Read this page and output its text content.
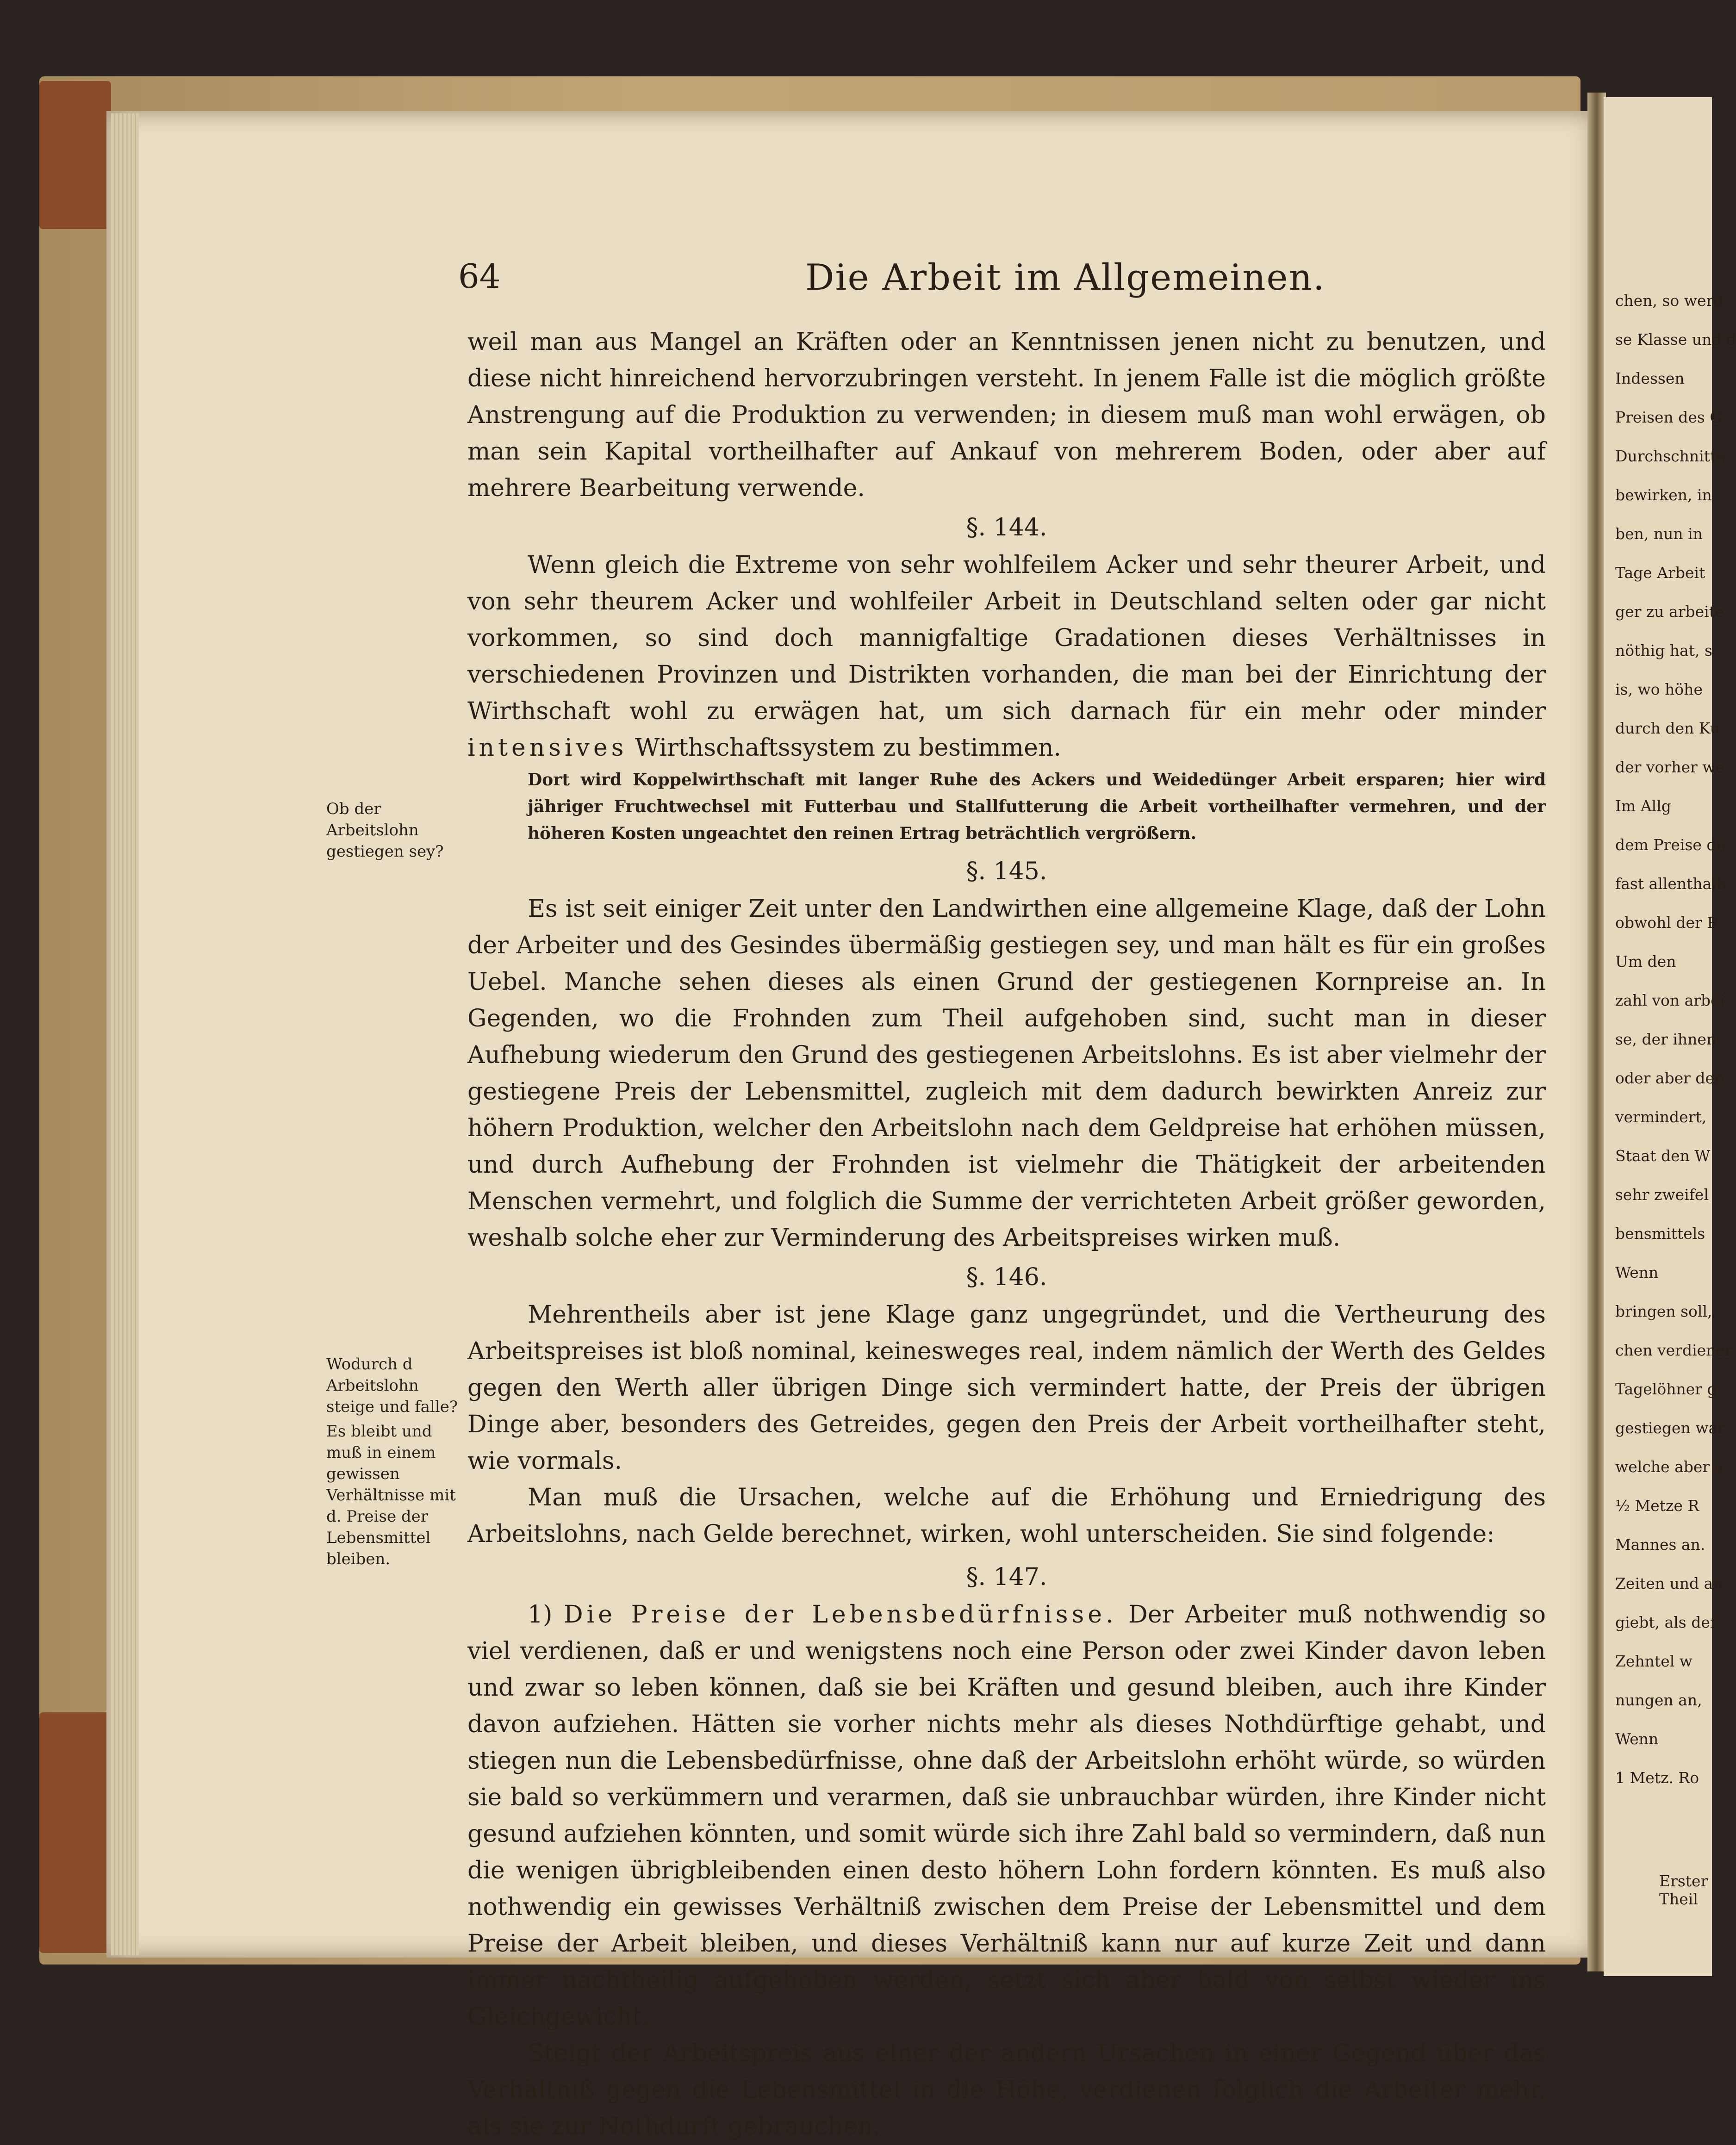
64	Die Arbeit im Allgemeinen.

weil man aus Mangel an Kräften oder an Kenntnissen jenen nicht zu benutzen, und diese nicht hinreichend hervorzubringen versteht. In jenem Falle ist die möglich größte Anstrengung auf die Produktion zu verwenden; in diesem muß man wohl erwägen, ob man sein Kapital vortheilhafter auf Ankauf von mehrerem Boden, oder aber auf mehrere Bearbeitung verwende.

§. 144.

Wenn gleich die Extreme von sehr wohlfeilem Acker und sehr theurer Arbeit, und von sehr theurem Acker und wohlfeiler Arbeit in Deutschland selten oder gar nicht vorkommen, so sind doch mannigfaltige Gradationen dieses Verhältnisses in verschiedenen Provinzen und Distrikten vorhanden, die man bei der Einrichtung der Wirthschaft wohl zu erwägen hat, um sich darnach für ein mehr oder minder intensives Wirthschaftssystem zu bestimmen.

Dort wird Koppelwirthschaft mit langer Ruhe des Ackers und Weidedünger Arbeit ersparen; hier wird jähriger Fruchtwechsel mit Futterbau und Stallfutterung die Arbeit vortheilhafter vermehren, und der höheren Kosten ungeachtet den reinen Ertrag beträchtlich vergrößern.

§. 145.

Es ist seit einiger Zeit unter den Landwirthen eine allgemeine Klage, daß der Lohn der Arbeiter und des Gesindes übermäßig gestiegen sey, und man hält es für ein großes Uebel. Manche sehen dieses als einen Grund der gestiegenen Kornpreise an. In Gegenden, wo die Frohnden zum Theil aufgehoben sind, sucht man in dieser Aufhebung wiederum den Grund des gestiegenen Arbeitslohns. Es ist aber vielmehr der gestiegene Preis der Lebensmittel, zugleich mit dem dadurch bewirkten Anreiz zur höhern Produktion, welcher den Arbeitslohn nach dem Geldpreise hat erhöhen müssen, und durch Aufhebung der Frohnden ist vielmehr die Thätigkeit der arbeitenden Menschen vermehrt, und folglich die Summe der verrichteten Arbeit größer geworden, weshalb solche eher zur Verminderung des Arbeitspreises wirken muß.

§. 146.

Mehrentheils aber ist jene Klage ganz ungegründet, und die Vertheurung des Arbeitspreises ist bloß nominal, keinesweges real, indem nämlich der Werth des Geldes gegen den Werth aller übrigen Dinge sich vermindert hatte, der Preis der übrigen Dinge aber, besonders des Getreides, gegen den Preis der Arbeit vortheilhafter steht, wie vormals.

Man muß die Ursachen, welche auf die Erhöhung und Erniedrigung des Arbeitslohns, nach Gelde berechnet, wirken, wohl unterscheiden. Sie sind folgende:

§. 147.

1) Die Preise der Lebensbedürfnisse. Der Arbeiter muß nothwendig so viel verdienen, daß er und wenigstens noch eine Person oder zwei Kinder davon leben und zwar so leben können, daß sie bei Kräften und gesund bleiben, auch ihre Kinder davon aufziehen. Hätten sie vorher nichts mehr als dieses Nothdürftige gehabt, und stiegen nun die Lebensbedürfnisse, ohne daß der Arbeitslohn erhöht würde, so würden sie bald so verkümmern und verarmen, daß sie unbrauchbar würden, ihre Kinder nicht gesund aufziehen könnten, und somit würde sich ihre Zahl bald so vermindern, daß nun die wenigen übrigbleibenden einen desto höhern Lohn fordern könnten. Es muß also nothwendig ein gewisses Verhältniß zwischen dem Preise der Lebensmittel und dem Preise der Arbeit bleiben, und dieses Verhältniß kann nur auf kurze Zeit und dann immer nachtheilig aufgehoben werden, setzt sich aber bald von selbst wieder ins Gleichgewicht.

Steigt der Arbeitspreis aus einer der andern Ursachen in einer Gegend über das Verhältniß gegen die Lebensmittel in die Höhe, verdienen folglich die Arbeiter mehr, als sie zur Nothdurft gebrauchen,

Ob der Arbeitslohn gestiegen sey?
Wodurch d Arbeitslohn steige und falle?
Es bleibt und muß in einem gewissen Verhältnisse mit d. Preise der Lebensmittel bleiben.
chen, so werd
se Klasse und d
Indessen
Preisen des G
Durchschnitte
bewirken, in
ben, nun in
Tage Arbeit
ger zu arbeite
nöthig hat, s
is, wo höhe
durch den Ku
der vorher we
Im Allg
dem Preise de
fast allenthalb
obwohl der R
Um den
zahl von arbei
se, der ihnen
oder aber den
vermindert,
Staat den W
sehr zweifel
bensmittels
Wenn
bringen soll,
chen verdiener
Tagelöhner g
gestiegen war
welche aber a
½ Metze R
Mannes an.
Zeiten und an
giebt, als der
Zehntel w
nungen an,
Wenn
1 Metz. Ro
Erster Theil
